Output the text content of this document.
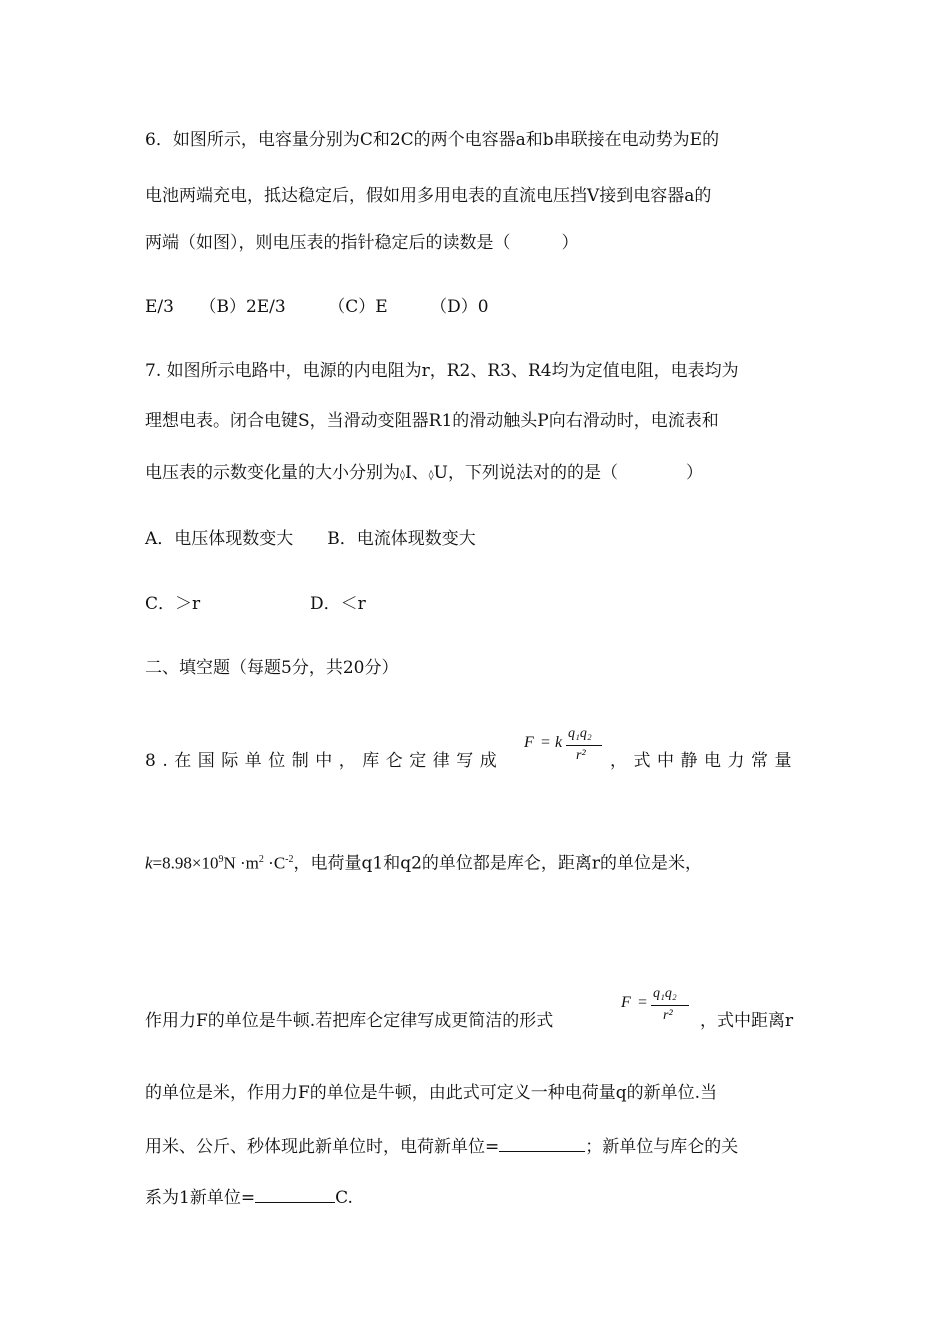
6．如图所示，电容量分别为C和2C的两个电容器a和b串联接在电动势为E的
电池两端充电，抵达稳定后，假如用多用电表的直流电压挡V接到电容器a的
两端（如图），则电压表的指针稳定后的读数是（　　　）
E/3　　（B）2E/3　　　（C）E　　　（D）0
7. 如图所示电路中，电源的内电阻为r，R2、R3、R4均为定值电阻，电表均为
理想电表。闭合电键S，当滑动变阻器R1的滑动触头P向右滑动时，电流表和
电压表的示数变化量的大小分别为◊I、◊U，下列说法对的的是（　　　　）
A．电压体现数变大　　B．电流体现数变大
C．＞r	D．＜r
二、填空题（每题5分，共20分）
8.在国际单位制中，库仑定律写成
F = k
q₁q₂
r² ，式中静电力常量
$k=8.98\times 10^9N \cdot m^2 \cdot C^{-2}$，电荷量q1和q2的单位都是库仑，距离r的单位是米，
作用力F的单位是牛顿.若把库仑定律写成更简洁的形式
F =
q₁q₂
r² ，式中距离r
的单位是米，作用力F的单位是牛顿，由此式可定义一种电荷量q的新单位.当
用米、公斤、秒体现此新单位时，电荷新单位=	；新单位与库仑的关
系为1新单位=	C.
